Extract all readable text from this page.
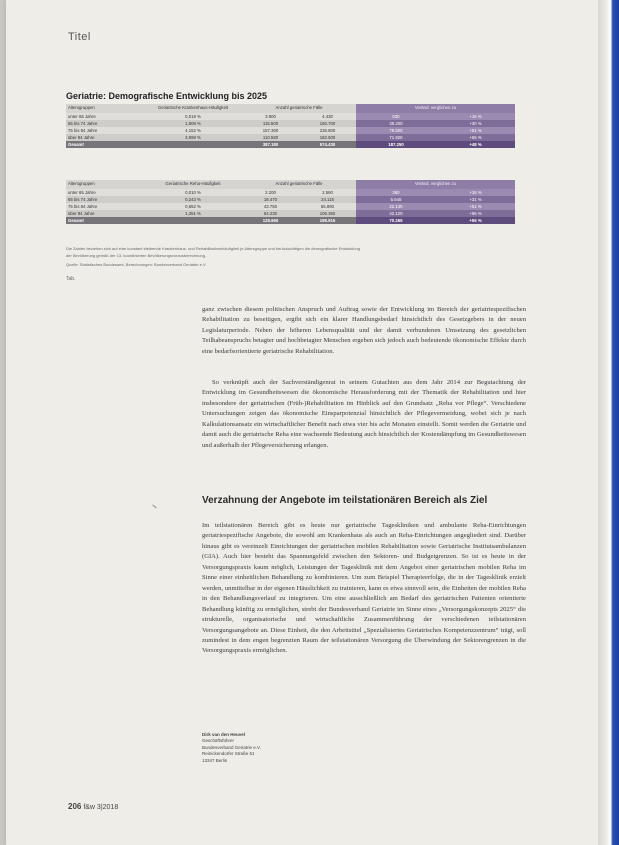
Titel
Geriatrie: Demografische Entwicklung bis 2025
Altersgruppen	Geriatrische Krankenhaus-Häufigkeit	Anzahl geriatrische Fälle		Veränd. verglichen zu	
unter 65 Jahre	0,019 %	3.800	4.430	630	+16 %
65 bis 74 Jahre	1,908 %	115.500	150.700	35.200	+30 %
75 bis 84 Jahre	4,152 %	157.300	236.800	79.500	+51 %
über 84 Jahre	3,998 %	110.580	182.500	71.920	+65 %
Gesamt		387.180	574.430	187.250	+48 %
Altersgruppen	Geriatrische Reha-Häufigkeit	Anzahl geriatrische Fälle		Veränd. verglichen zu	
unter 65 Jahre	0,010 %	2.200	2.560	360	+16 %
65 bis 74 Jahre	0,243 %	18.470	24.115	5.645	+31 %
75 bis 84 Jahre	0,652 %	43.750	65.890	22.140	+51 %
über 84 Jahre	1,351 %	64.230	106.350	42.120	+66 %
Gesamt		128.650	198.915	70.265	+55 %
Die Zahlen beziehen sich auf eine konstant bleibende Krankenhaus- und Rehabilitationshäufigkeit je Altersgruppe und berücksichtigen die demografische Entwicklung
der Bevölkerung gemäß der 13. koordinierten Bevölkerungsvorausberechnung.
Quelle: Statistisches Bundesamt, Berechnungen: Bundesverband Geriatrie e.V.
Tab.

ganz zwischen diesem politischen Anspruch und Auftrag sowie der Entwicklung im Bereich der geriatriespezifischen Rehabilitation zu beseitigen, ergibt sich ein klarer Handlungsbedarf hinsichtlich des Gesetzgebers in der neuen Legislaturperiode. Neben der höheren Lebensqualität und der damit verbundenen Umsetzung des gesetzlichen Teilhabeanspruchs betagter und hochbetagter Menschen ergeben sich jedoch auch bedeutende ökonomische Effekte durch eine bedarfsorientierte geriatrische Rehabilitation.

So verknüpft auch der Sachverständigenrat in seinem Gutachten aus dem Jahr 2014 zur Begutachtung der Entwicklung im Gesundheitswesen die ökonomische Herausforderung mit der Thematik der Rehabilitation und hier insbesondere der geriatrischen (Früh-)Rehabilitation im Hinblick auf den Grundsatz „Reha vor Pflege“. Verschiedene Untersuchungen zeigen das ökonomische Einsparpotenzial hinsichtlich der Pflegevermeidung, wobei sich je nach Kalkulationsansatz ein wirtschaftlicher Benefit nach etwa vier bis acht Monaten einstellt. Somit werden die Geriatrie und damit auch die geriatrische Reha eine wachsende Bedeutung auch hinsichtlich der Kostendämpfung im Gesundheitswesen und außerhalb der Pflegeversicherung erlangen.

Verzahnung der Angebote im teilstationären Bereich als Ziel

Im teilstationären Bereich gibt es heute nur geriatrische Tageskliniken und ambulante Reha-Einrichtungen geriatriespezifische Angebote, die sowohl am Krankenhaus als auch an Reha-Einrichtungen angegliedert sind. Darüber hinaus gibt es vereinzelt Einrichtungen der geriatrischen mobilen Rehabilitation sowie Geriatrische Institutsambulanzen (GIA). Auch hier besteht das Spannungsfeld zwischen den Sektoren- und Budgetgrenzen. So ist es heute in der Versorgungspraxis kaum möglich, Leistungen der Tagesklinik mit dem Angebot einer geriatrischen mobilen Reha im Sinne einer einheitlichen Behandlung zu kombinieren. Um zum Beispiel Therapieerfolge, die in der Tagesklinik erzielt werden, unmittelbar in der eigenen Häuslichkeit zu trainieren, kann es etwa sinnvoll sein, die Einheiten der mobilen Reha in den Behandlungsverlauf zu integrieren. Um eine ausschließlich am Bedarf des geriatrischen Patienten orientierte Behandlung künftig zu ermöglichen, strebt der Bundesverband Geriatrie im Sinne eines „Versorgungskonzepts 2025“ die strukturelle, organisatorische und wirtschaftliche Zusammenführung der verschiedenen teilstationären Versorgungsangebote an. Diese Einheit, die den Arbeitstitel „Spezialisiertes Geriatrisches Kompetenzzentrum“ trägt, soll zumindest in dem engen begrenzten Raum der teilstationären Versorgung die Überwindung der Sektorengrenzen in die Versorgungspraxis ermöglichen.

Dirk van den Heuvel
Geschäftsführer
Bundesverband Geriatrie e.V.
Reinickendorfer Straße 61
13347 Berlin
206 f&w 3|2018
